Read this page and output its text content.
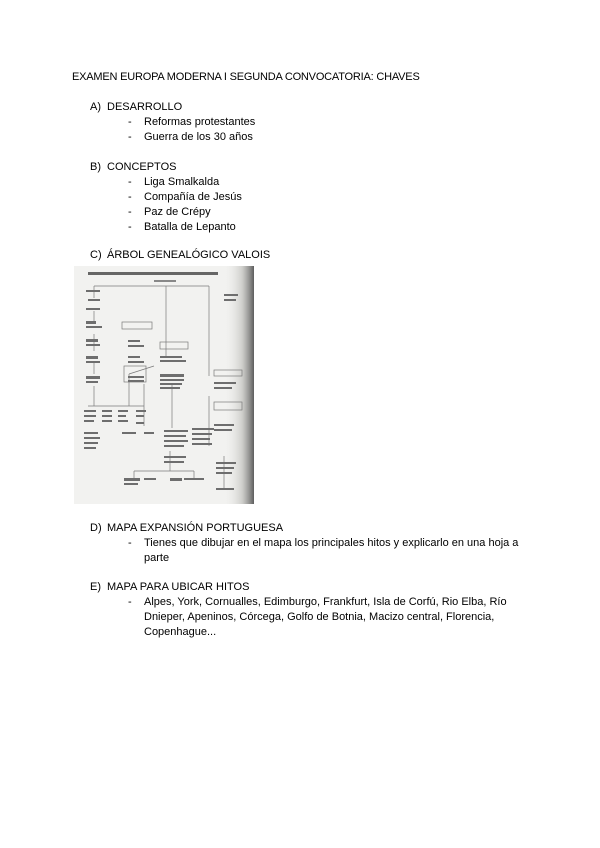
EXAMEN EUROPA MODERNA I SEGUNDA CONVOCATORIA: CHAVES
A) DESARROLLO
- Reformas protestantes
- Guerra de los 30 años
B) CONCEPTOS
- Liga Smalkalda
- Compañía de Jesús
- Paz de Crépy
- Batalla de Lepanto
C) ÁRBOL GENEALÓGICO VALOIS
D) MAPA EXPANSIÓN PORTUGUESA
- Tienes que dibujar en el mapa los principales hitos y explicarlo en una hoja a parte
E) MAPA PARA UBICAR HITOS
- Alpes, York, Cornualles, Edimburgo, Frankfurt, Isla de Corfú, Rio Elba, Río Dnieper, Apeninos, Córcega, Golfo de Botnia, Macizo central, Florencia, Copenhague...
